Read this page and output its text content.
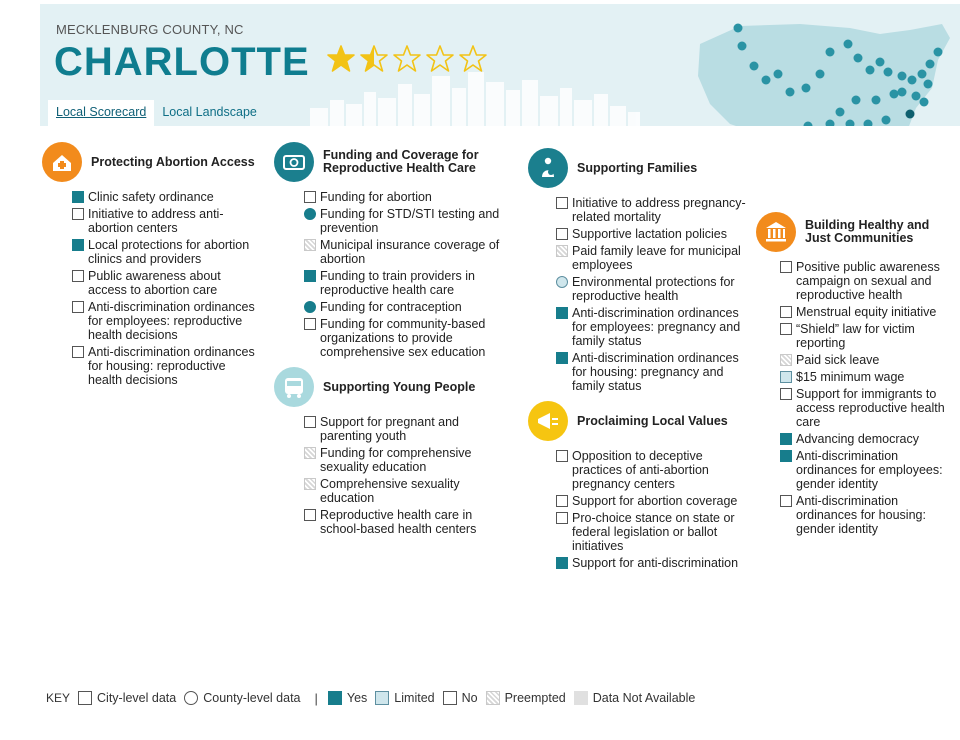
MECKLENBURG COUNTY, NC
CHARLOTTE
Local Scorecard	Local Landscape
Protecting Abortion Access
Clinic safety ordinance
Initiative to address anti-abortion centers
Local protections for abortion clinics and providers
Public awareness about access to abortion care
Anti-discrimination ordinances for employees: reproductive health decisions
Anti-discrimination ordinances for housing: reproductive health decisions
Funding and Coverage for Reproductive Health Care
Funding for abortion
Funding for STD/STI testing and prevention
Municipal insurance coverage of abortion
Funding to train providers in reproductive health care
Funding for contraception
Funding for community-based organizations to provide comprehensive sex education
Supporting Young People
Support for pregnant and parenting youth
Funding for comprehensive sexuality education
Comprehensive sexuality education
Reproductive health care in school-based health centers
Supporting Families
Initiative to address pregnancy-related mortality
Supportive lactation policies
Paid family leave for municipal employees
Environmental protections for reproductive health
Anti-discrimination ordinances for employees: pregnancy and family status
Anti-discrimination ordinances for housing: pregnancy and family status
Proclaiming Local Values
Opposition to deceptive practices of anti-abortion pregnancy centers
Support for abortion coverage
Pro-choice stance on state or federal legislation or ballot initiatives
Support for anti-discrimination
Building Healthy and Just Communities
Positive public awareness campaign on sexual and reproductive health
Menstrual equity initiative
“Shield” law for victim reporting
Paid sick leave
$15 minimum wage
Support for immigrants to access reproductive health care
Advancing democracy
Anti-discrimination ordinances for employees: gender identity
Anti-discrimination ordinances for housing: gender identity
KEY City-level data County-level data | Yes Limited No Preempted Data Not Available
